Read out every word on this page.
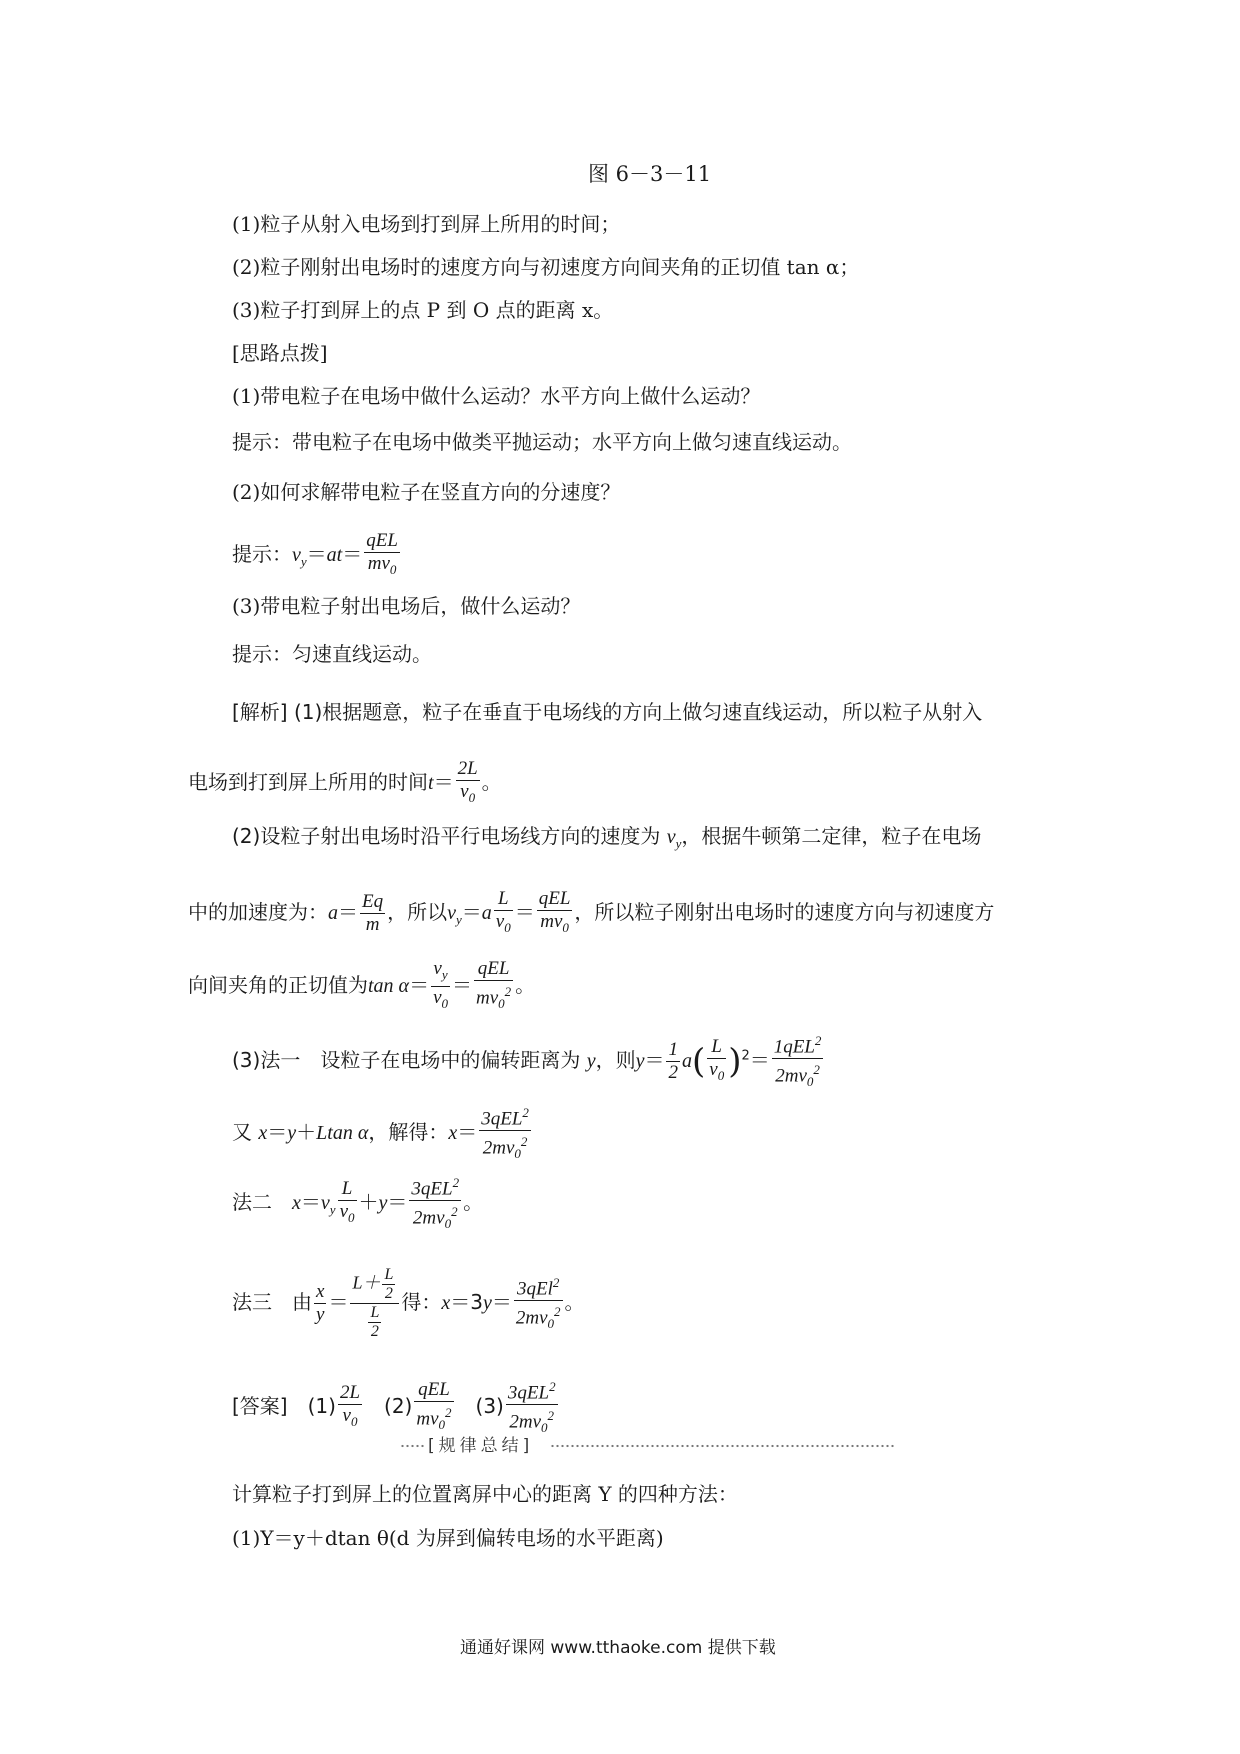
图 6－3－11
(1)粒子从射入电场到打到屏上所用的时间；
(2)粒子刚射出电场时的速度方向与初速度方向间夹角的正切值 tan α；
(3)粒子打到屏上的点 P 到 O 点的距离 x。
[思路点拨]
(1)带电粒子在电场中做什么运动？水平方向上做什么运动？
提示：带电粒子在电场中做类平抛运动；水平方向上做匀速直线运动。
(2)如何求解带电粒子在竖直方向的分速度？
提示：$v_y=at= \frac{\text{qEL}}{mv_0}$
(3)带电粒子射出电场后，做什么运动？
提示：匀速直线运动。
[解析] (1)根据题意，粒子在垂直于电场线的方向上做匀速直线运动，所以粒子从射入
电场到打到屏上所用的时间$t= \frac{2L}{v_0}$ 。
(2)设粒子射出电场时沿平行电场线方向的速度为 $v_y$，根据牛顿第二定律，粒子在电场
中的加速度为：$a= \frac{Eq}{m}$ ，所以$v_y=a \frac{L}{v_0} = \frac{\text{qEL}}{mv_0}$ ，所以粒子刚射出电场时的速度方向与初速度方
向间夹角的正切值为$\tan \alpha= \frac{v_y}{v_0} = \frac{\text{qEL}}{mv_0^2}$ 。
(3)法一　设粒子在电场中的偏转距离为 y，则$y= \frac{1}{2} a( \frac{L}{v_0} )^2= \frac{1qEL^2}{2mv_0^2}$
又 x＝y＋Ltan α，解得：$x= \frac{3qEL^2}{2mv_0^2}$
法二　 $x=v_y \frac{L}{v_0} +y= \frac{3qEL^2}{2mv_0^2}$ 。
法三　由 $\frac{x}{y} = \frac{L+ \frac{L}{2}}{\frac{L}{2}}$ 得：$x=3y= \frac{3qEl^2}{2mv_0^2}$ 。
[答案]　 $(1) \frac{2L}{v_0}$
　 $(2) \frac{\text{qEL}}{mv_0^2}$
　 $(3) \frac{3qEL^2}{2mv_0^2}$
[规律总结]
计算粒子打到屏上的位置离屏中心的距离 Y 的四种方法：
(1)Y＝y＋dtan θ(d 为屏到偏转电场的水平距离)
通通好课网 www.tthaoke.com 提供下载
